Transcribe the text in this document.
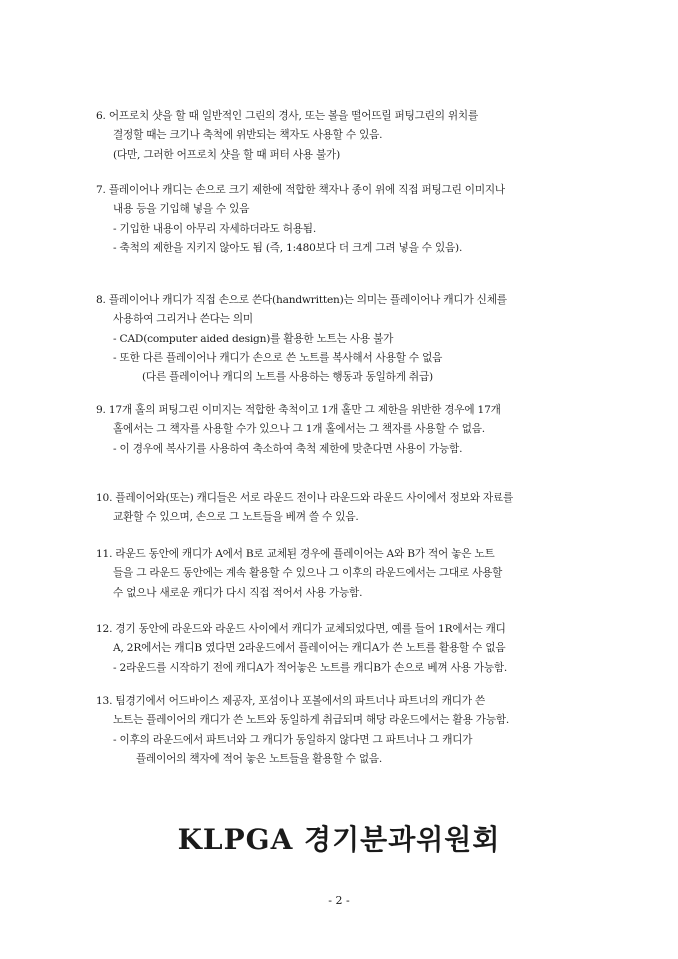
6. 어프로치 샷을 할 때 일반적인 그린의 경사, 또는 볼을 떨어뜨릴 퍼팅그린의 위치를
결정할 때는 크기나 축척에 위반되는 책자도 사용할 수 있음.
(다만, 그러한 어프로치 샷을 할 때 퍼터 사용 불가)
7. 플레이어나 캐디는 손으로 크기 제한에 적합한 책자나 종이 위에 직접 퍼팅그린 이미지나
내용 등을 기입해 넣을 수 있음
- 기입한 내용이 아무리 자세하더라도 허용됨.
- 축척의 제한을 지키지 않아도 됨 (즉, 1:480보다 더 크게 그려 넣을 수 있음).
8. 플레이어나 캐디가 직접 손으로 쓴다(handwritten)는 의미는 플레이어나 캐디가 신체를
사용하여 그리거나 쓴다는 의미
- CAD(computer aided design)를 활용한 노트는 사용 불가
- 또한 다른 플레이어나 캐디가 손으로 쓴 노트를 복사해서 사용할 수 없음
(다른 플레이어나 캐디의 노트를 사용하는 행동과 동일하게 취급)
9. 17개 홀의 퍼팅그린 이미지는 적합한 축척이고 1개 홀만 그 제한을 위반한 경우에 17개
홀에서는 그 책자를 사용할 수가 있으나 그 1개 홀에서는 그 책자를 사용할 수 없음.
- 이 경우에 복사기를 사용하여 축소하여 축척 제한에 맞춘다면 사용이 가능함.
10. 플레이어와(또는) 캐디들은 서로 라운드 전이나 라운드와 라운드 사이에서 정보와 자료를
교환할 수 있으며, 손으로 그 노트들을 베껴 쓸 수 있음.
11. 라운드 동안에 캐디가 A에서 B로 교체된 경우에 플레이어는 A와 B가 적어 놓은 노트
들을 그 라운드 동안에는 계속 활용할 수 있으나 그 이후의 라운드에서는 그대로 사용할
수 없으나 새로운 캐디가 다시 직접 적어서 사용 가능함.
12. 경기 동안에 라운드와 라운드 사이에서 캐디가 교체되었다면, 예를 들어 1R에서는 캐디
A, 2R에서는 캐디B 였다면 2라운드에서 플레이어는 캐디A가 쓴 노트를 활용할 수 없음
- 2라운드를 시작하기 전에 캐디A가 적어놓은 노트를 캐디B가 손으로 베껴 사용 가능함.
13. 팀경기에서 어드바이스 제공자, 포섬이나 포볼에서의 파트너나 파트너의 캐디가 쓴
노트는 플레이어의 캐디가 쓴 노트와 동일하게 취급되며 해당 라운드에서는 활용 가능함.
- 이후의 라운드에서 파트너와 그 캐디가 동일하지 않다면 그 파트너나 그 캐디가
플레이어의 책자에 적어 놓은 노트들을 활용할 수 없음.
KLPGA 경기분과위원회
- 2 -
